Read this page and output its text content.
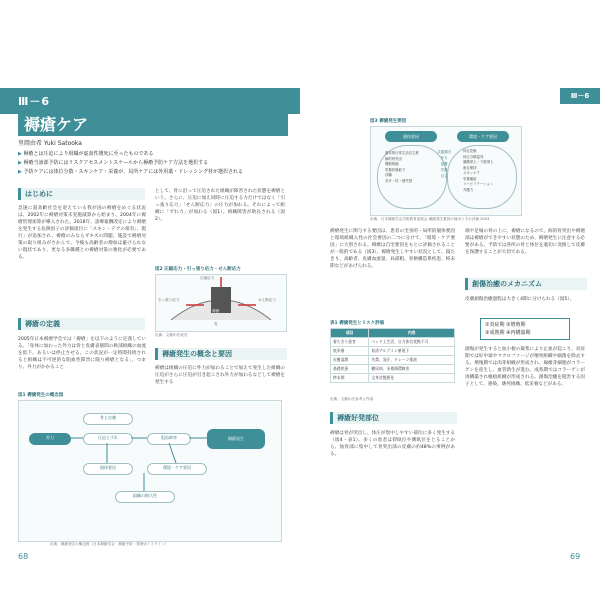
Ⅲ－6
褥瘡ケア
里岡由希 Yuki Satooka
▶ 褥瘡とは圧迫により組織が虚血性壊死に至ったものである
▶ 褥瘡当該部予防にはリスクアセスメントスケールから褥瘡予防ケア方法を選択する
▶ 予防ケアには体位分散・スキンケア・栄養が、局所ケアには外用薬・ドレッシング材が選択される
はじめに
急速に超高齢社会を迎えている我が国の褥瘡をめぐる状況は、2002年に褥瘡対策未実施減算から始まり、2004年に褥瘡管理加算が導入された。2018年、診療報酬改定により褥瘡を発生する危険因子の評価項目に「スキン・テアの保有」、現行」が追加され、褥瘡のみならずキズの問題、施設で褥瘡対策の取り組みがさかんで、今後も高齢者の増加は避けられない現状であり、更なる多職種との褥瘡対策の強化が必要である。
褥瘡の定義
2005年日本褥瘡学会では「褥瘡」を以下のように定義している。「身体に加わった外力は骨と皮膚表層間の軟部組織の血流を低下、あるいは停止させる。この状況が一定時間持続されると組織は不可逆的な阻血性障害に陥り褥瘡となる」。つまり、外力がかかること
として、骨に沿って圧迫された組織が障害された状態を褥瘡という。さらに、圧迫に加え同時に圧迫する力だけではなく「引っ張り応力」「せん断応力」の圧力が加わる。それによって組織に「ずれ力」が加わる（図1）。組織障害が助長される（図2）。
図2 圧縮応力・引っ張り応力・せん断応力
圧縮応力
引っ張り応力	せん断応力
骨
褥瘡
出典：文献5)を改変
褥瘡発生の概念と要因
褥瘡は組織の圧迫に外力が加わることで加えて発生した組織の圧迫がさらに圧迫が引き起こされ外力が加わるなどして褥瘡を発生する
図1 褥瘡発生の概念図
外力	圧迫とずれ
骨と皮膚
阻血障害	褥瘡発生
個体要因	環境・ケア要因
組織の耐久性
出典：褥瘡発生の概念図（日本褥瘡学会：褥瘡予防・管理ガイドライン）
68
Ⅲ－6
図3 褥瘡発生要因
個体要因	環境・ケア要因
基本的日常生活自立度
病的骨突出
関節拘縮
栄養状態低下
浮腫
多汗・尿・便失禁
共通要因
外力
湿潤
栄養
自立
体位変換
体圧分散寝具
頭側挙上・下肢挙上
座位保持
スキンケア
栄養補給
リハビリテーション
介護力
出典：日本褥瘡学会学術教育委員会 褥瘡発生要因の抽出とその評価 2003
褥瘡発生に関与する要因は、患者の全身的・局所的個体要因と環境組織入性の社会要因の二つに分けて、「環境・ケア要因」に大別される。褥瘡は自宅要因をもとに評価されることが一般的である（図3）。褥瘡発生しやすい状況として、寝たきり、高齢者、皮膚血流量、局部粗、骨格構造系疾患、終末期などがあげられる。
表1 褥瘡発生とリスク評価
項目	内容
着たきり患者	ベッド上生活、自力体位変換不可
低栄養	血清アルブミン値低下
皮膚湿潤	失禁、発汗、ドレーン排液
基礎疾患	糖尿病、末梢循環障害
終末期	全身状態悪化
出典：文献2)を参考に作成
褥瘡好発部位
褥瘡は骨が突出し、体圧が集中しやすい部位に多く発生する（図4・表1）。多くの患者は仰臥位や側臥位をとることから、仙骨部に集中して骨突出部の皮膚の約48%の事例がある。
端や足場の骨の上に、褥瘡になるので、病的骨突出や褥瘡部は褥瘡ができやすい状態のため、褥瘡発生に注意する必要がある。予防では各所の骨と体位を適切に変換して皮膚を保護することが大切である。
創傷治癒のメカニズム
皮膚創傷治癒過程は大きく4期に分けられる（図5）。
①炎症期 ②増殖期
③成熟期 ④再構築期
創傷が発生すると血小板の凝集により止血が起こり、炎症期では好中球やマクロファージが壊死組織や細菌を除去する。増殖期では肉芽組織が形成され、線維芽細胞がコラーゲンを産生し、血管新生が進む。成熟期ではコラーゲンが再構築され瘢痕組織が形成される。創傷治癒を阻害する因子として、感染、壊死組織、低栄養などがある。
69
